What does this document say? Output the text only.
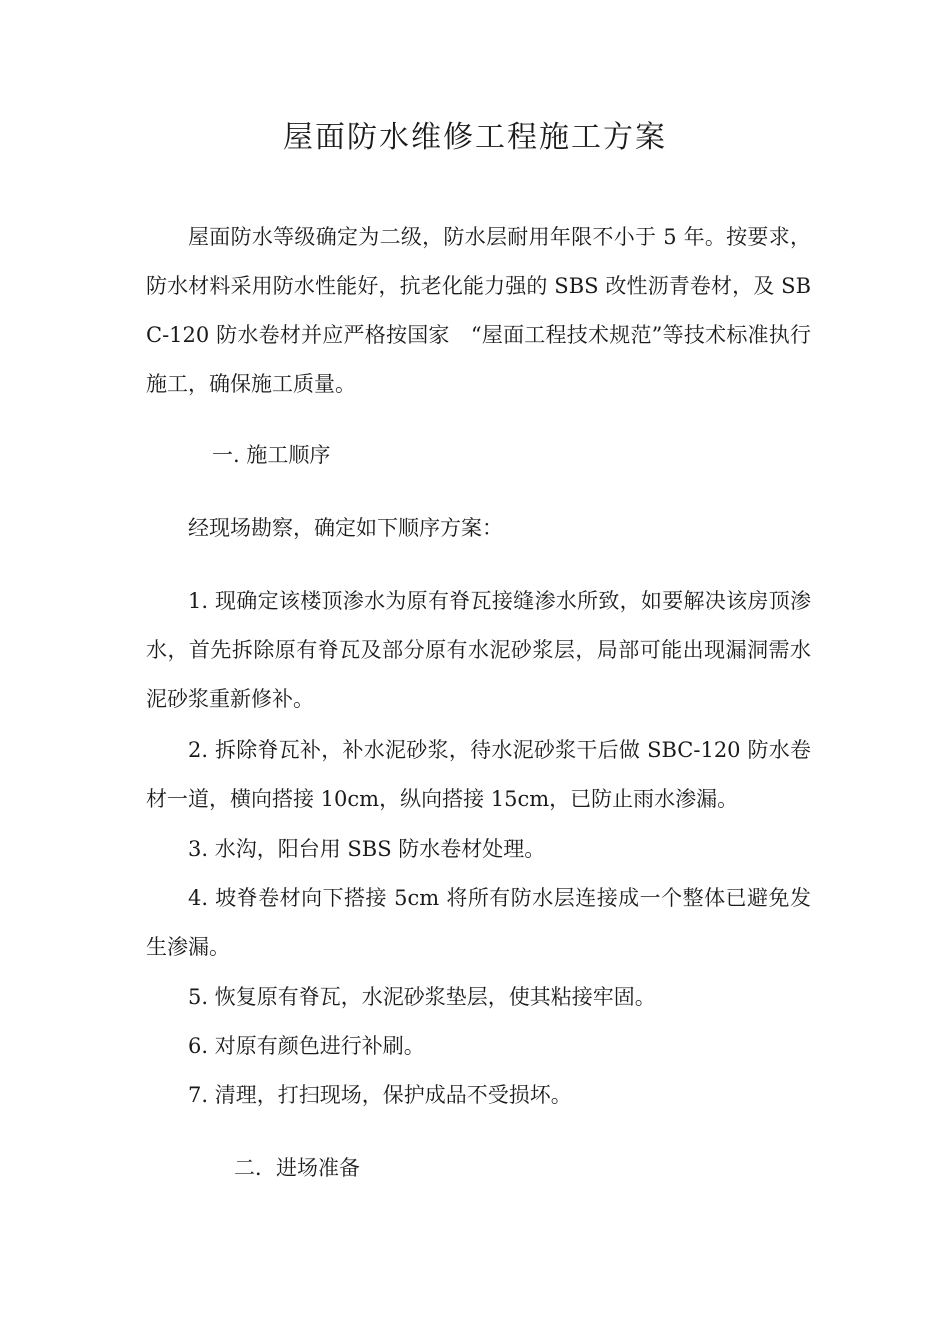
屋面防水维修工程施工方案

屋面防水等级确定为二级，防水层耐用年限不小于 5 年。按要求，防水材料采用防水性能好，抗老化能力强的 SBS 改性沥青卷材，及 SBC-120 防水卷材并应严格按国家　“屋面工程技术规范”等技术标准执行施工，确保施工质量。

一. 施工顺序

经现场勘察，确定如下顺序方案：

1. 现确定该楼顶渗水为原有脊瓦接缝渗水所致，如要解决该房顶渗水，首先拆除原有脊瓦及部分原有水泥砂浆层，局部可能出现漏洞需水泥砂浆重新修补。

2. 拆除脊瓦补，补水泥砂浆，待水泥砂浆干后做 SBC-120 防水卷材一道，横向搭接 10cm，纵向搭接 15cm，已防止雨水渗漏。

3. 水沟，阳台用 SBS 防水卷材处理。

4. 坡脊卷材向下搭接 5cm 将所有防水层连接成一个整体已避免发生渗漏。

5. 恢复原有脊瓦，水泥砂浆垫层，使其粘接牢固。

6. 对原有颜色进行补刷。

7. 清理，打扫现场，保护成品不受损坏。

二．进场准备
